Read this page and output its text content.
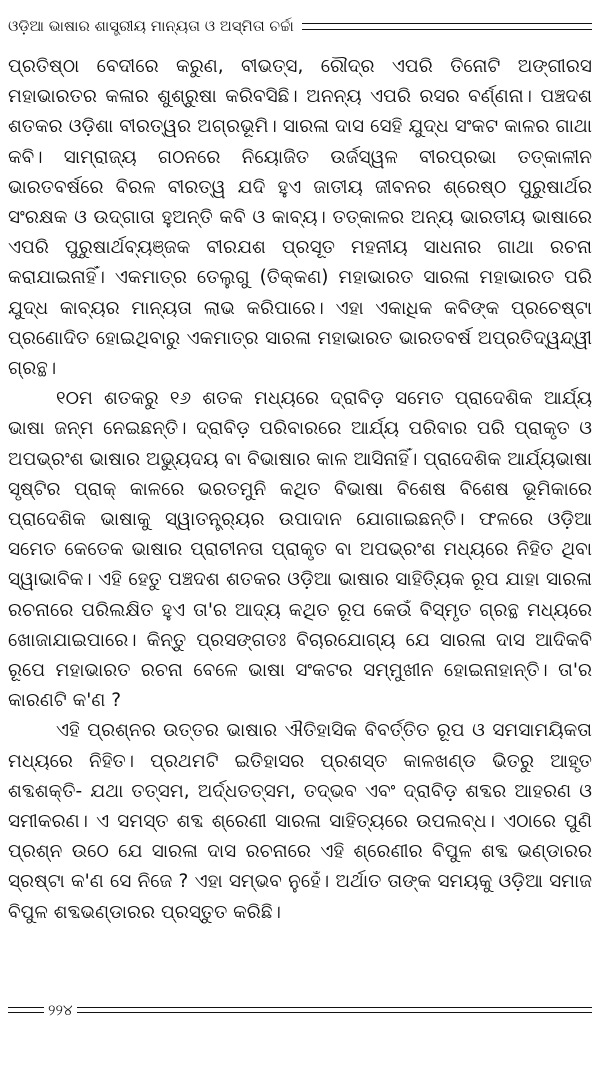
ଓଡ଼ିଆ ଭାଷାର ଶାସ୍ତ୍ରୀୟ ମାନ୍ୟତା ଓ ଅସ୍ମିତା ଚର୍ଚ୍ଚା

ପ୍ରତିଷ୍ଠା ବେଦୀରେ କରୁଣ, ବୀଭତ୍ସ, ରୌଦ୍ର ଏପରି ତିନୋଟି ଅଙ୍ଗୀରସ ମହାଭାରତର କଳାର ଶୁଶ୍ରୁଷା କରିବସିଛି। ଅନନ୍ୟ ଏପରି ରସର ବର୍ଣ୍ଣନା। ପଞ୍ଚଦଶ ଶତକର ଓଡ଼ିଶା ବୀରତ୍ୱର ଅଗ୍ରଭୂମି। ସାରଳା ଦାସ ସେହି ଯୁଦ୍ଧ ସଂକଟ କାଳର ଗାଥା କବି। ସାମ୍ରାଜ୍ୟ ଗଠନରେ ନିୟୋଜିତ ଉର୍ଜସ୍ୱଳ ବୀରପ୍ରଭା ତତ୍କାଳୀନ ଭାରତବର୍ଷରେ ବିରଳ ବୀରତ୍ୱ ଯଦି ହୁଏ ଜାତୀୟ ଜୀବନର ଶ୍ରେଷ୍ଠ ପୁରୁଷାର୍ଥର ସଂରକ୍ଷକ ଓ ଉଦ୍‌ଗାତା ହୁଅନ୍ତି କବି ଓ କାବ୍ୟ। ତତ୍କାଳର ଅନ୍ୟ ଭାରତୀୟ ଭାଷାରେ ଏପରି ପୁରୁଷାର୍ଥବ୍ୟଞ୍ଜକ ବୀରଯଶ ପ୍ରସୂତ ମହନୀୟ ସାଧନାର ଗାଥା ରଚନା କରାଯାଇନାହିଁ। ଏକମାତ୍ର ତେଲୁଗୁ (ତିକ୍କଣ) ମହାଭାରତ ସାରଳା ମହାଭାରତ ପରି ଯୁଦ୍ଧ କାବ୍ୟର ମାନ୍ୟତା ଲାଭ କରିପାରେ। ଏହା ଏକାଧିକ କବିଙ୍କ ପ୍ରଚେଷ୍ଟା ପ୍ରଣୋଦିତ ହୋଇଥିବାରୁ ଏକମାତ୍ର ସାରଳା ମହାଭାରତ ଭାରତବର୍ଷ ଅପ୍ରତିଦ୍ୱନ୍ଦ୍ୱୀ ଗ୍ରନ୍ଥ।

୧୦ମ ଶତକରୁ ୧୬ ଶତକ ମଧ୍ୟରେ ଦ୍ରାବିଡ଼ ସମେତ ପ୍ରାଦେଶିକ ଆର୍ଯ୍ୟ ଭାଷା ଜନ୍ମ ନେଇଛନ୍ତି। ଦ୍ରାବିଡ଼ ପରିବାରରେ ଆର୍ଯ୍ୟ ପରିବାର ପରି ପ୍ରାକୃତ ଓ ଅପଭ୍ରଂଶ ଭାଷାର ଅଭ୍ୟୁଦୟ ବା ବିଭାଷାର କାଳ ଆସିନାହିଁ। ପ୍ରାଦେଶିକ ଆର୍ଯ୍ୟଭାଷା ସୃଷ୍ଟିର ପ୍ରାକ୍ କାଳରେ ଭରତମୁନି କଥିତ ବିଭାଷା ବିଶେଷ ବିଶେଷ ଭୂମିକାରେ ପ୍ରାଦେଶିକ ଭାଷାକୁ ସ୍ୱାତନ୍ତ୍ର୍ୟର ଉପାଦାନ ଯୋଗାଇଛନ୍ତି। ଫଳରେ ଓଡ଼ିଆ ସମେତ କେତେକ ଭାଷାର ପ୍ରାଚୀନତା ପ୍ରାକୃତ ବା ଅପଭ୍ରଂଶ ମଧ୍ୟରେ ନିହିତ ଥିବା ସ୍ୱାଭାବିକ। ଏହି ହେତୁ ପଞ୍ଚଦଶ ଶତକର ଓଡ଼ିଆ ଭାଷାର ସାହିତ୍ୟିକ ରୂପ ଯାହା ସାରଳା ରଚନାରେ ପରିଲକ୍ଷିତ ହୁଏ ତା'ର ଆଦ୍ୟ କଥିତ ରୂପ କେଉଁ ବିସ୍ମୃତ ଗ୍ରନ୍ଥ ମଧ୍ୟରେ ଖୋଜାଯାଇପାରେ। କିନ୍ତୁ ପ୍ରସଙ୍ଗତଃ ବିଚାରଯୋଗ୍ୟ ଯେ ସାରଳା ଦାସ ଆଦିକବି ରୂପେ ମହାଭାରତ ରଚନା ବେଳେ ଭାଷା ସଂକଟର ସମ୍ମୁଖୀନ ହୋଇନାହାନ୍ତି। ତା'ର କାରଣଟି କ'ଣ ?

ଏହି ପ୍ରଶ୍ନର ଉତ୍ତର ଭାଷାର ଐତିହାସିକ ବିବର୍ତ୍ତିତ ରୂପ ଓ ସମସାମୟିକତା ମଧ୍ୟରେ ନିହିତ। ପ୍ରଥମଟି ଇତିହାସର ପ୍ରଶସ୍ତ କାଳଖଣ୍ଡ ଭିତରୁ ଆହୃତ ଶବ୍ଦଶକ୍ତି- ଯଥା ତତ୍ସମ, ଅର୍ଦ୍ଧତତ୍ସମ, ତଦ୍‌ଭବ ଏବଂ ଦ୍ରାବିଡ଼ ଶବ୍ଦର ଆହରଣ ଓ ସମୀକରଣ। ଏ ସମସ୍ତ ଶବ୍ଦ ଶ୍ରେଣୀ ସାରଳା ସାହିତ୍ୟରେ ଉପଲବ୍ଧ। ଏଠାରେ ପୁଣି ପ୍ରଶ୍ନ ଉଠେ ଯେ ସାରଳା ଦାସ ରଚନାରେ ଏହି ଶ୍ରେଣୀର ବିପୁଳ ଶବ୍ଦ ଭଣ୍ଡାରର ସ୍ରଷ୍ଟା କ'ଣ ସେ ନିଜେ ? ଏହା ସମ୍ଭବ ନୁହେଁ। ଅର୍ଥାତ ତାଙ୍କ ସମୟକୁ ଓଡ଼ିଆ ସମାଜ ବିପୁଳ ଶବ୍ଦଭଣ୍ଡାରର ପ୍ରସ୍ତୁତ କରିଛି।

୨୨୪
